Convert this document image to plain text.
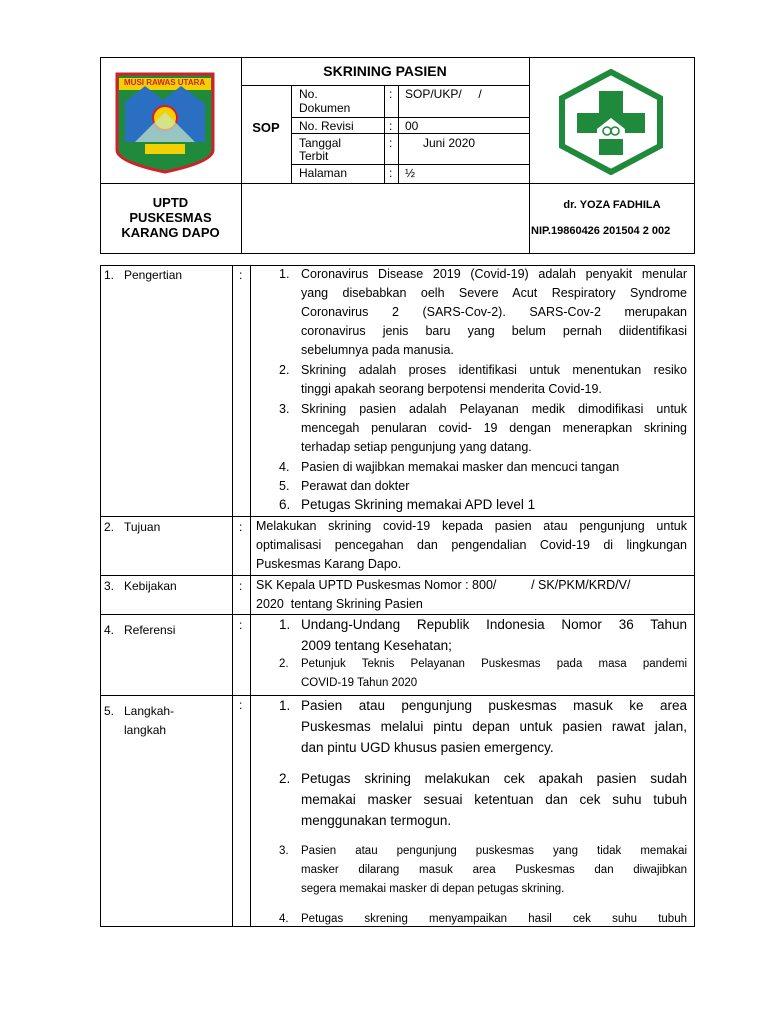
MUSI RAWAS UTARA
SKRINING PASIEN
SOP
No.
Dokumen
: SOP/UKP/     /
No. Revisi	: 00
Tanggal
Terbit
:	Juni 2020
Halaman	: ½
UPTD
PUSKESMAS
KARANG DAPO
dr. YOZA FADHILA
NIP.19860426 201504 2 002
1. Pengertian	:	1. Coronavirus Disease 2019 (Covid-19) adalah penyakit menular
yang disebabkan oelh Severe Acut Respiratory Syndrome
Coronavirus 2 (SARS-Cov-2). SARS-Cov-2 merupakan
coronavirus jenis baru yang belum pernah diidentifikasi
sebelumnya pada manusia.
2. Skrining adalah proses identifikasi untuk menentukan resiko
tinggi apakah seorang berpotensi menderita Covid-19.
3. Skrining pasien adalah Pelayanan medik dimodifikasi untuk
mencegah penularan covid- 19 dengan menerapkan skrining
terhadap setiap pengunjung yang datang.
4. Pasien di wajibkan memakai masker dan mencuci tangan
5. Perawat dan dokter
6. Petugas Skrining memakai APD level 1
2. Tujuan	: Melakukan skrining covid-19 kepada pasien atau pengunjung untuk
optimalisasi pencegahan dan pengendalian Covid-19 di lingkungan
Puskesmas Karang Dapo.
3. Kebijakan	: SK Kepala UPTD Puskesmas Nomor : 800/          / SK/PKM/KRD/V/
2020  tentang Skrining Pasien
4. Referensi	:	1. Undang-Undang Republik Indonesia Nomor 36 Tahun
2009 tentang Kesehatan;
2. Petunjuk Teknis Pelayanan Puskesmas pada masa pandemi
COVID-19 Tahun 2020
5. Langkah-
langkah
:	1. Pasien atau pengunjung puskesmas masuk ke area
Puskesmas melalui pintu depan untuk pasien rawat jalan,
dan pintu UGD khusus pasien emergency.
2. Petugas skrining melakukan cek apakah pasien sudah
memakai masker sesuai ketentuan dan cek suhu tubuh
menggunakan termogun.
3. Pasien atau pengunjung puskesmas yang tidak memakai
masker dilarang masuk area Puskesmas dan diwajibkan
segera memakai masker di depan petugas skrining.
4. Petugas skrening menyampaikan hasil cek suhu tubuh
